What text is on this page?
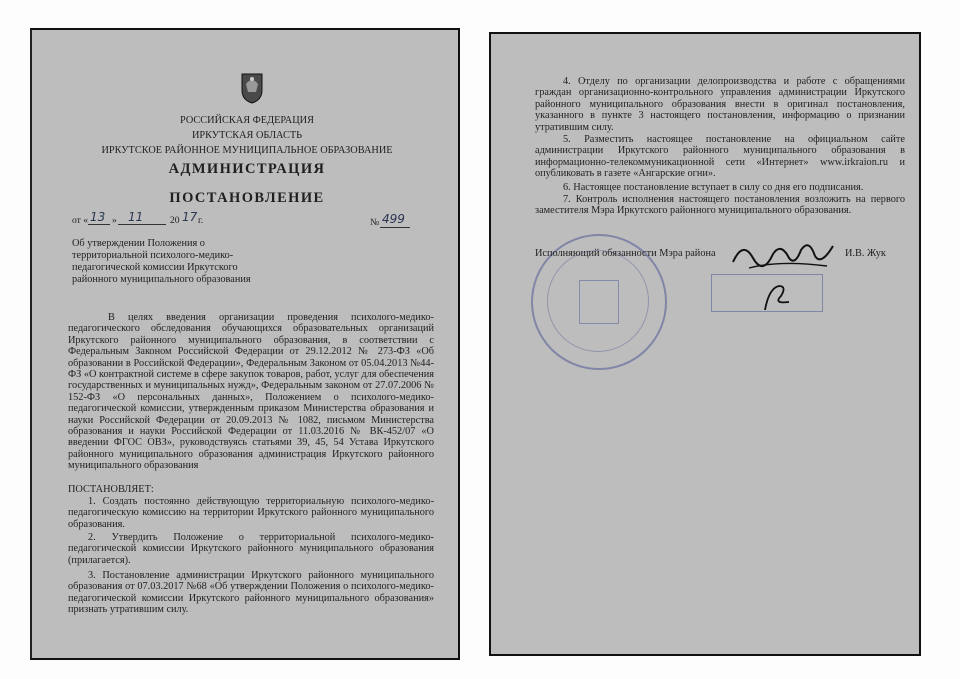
РОССИЙСКАЯ ФЕДЕРАЦИЯ
ИРКУТСКАЯ ОБЛАСТЬ
ИРКУТСКОЕ РАЙОННОЕ МУНИЦИПАЛЬНОЕ ОБРАЗОВАНИЕ
АДМИНИСТРАЦИЯ
ПОСТАНОВЛЕНИЕ
от « 13 » 11	20 17 г.	№ 499
Об утверждении Положения о
территориальной психолого-медико-
педагогической комиссии Иркутского
районного муниципального образования
В целях введения организации проведения психолого-медико-педагогического обследования обучающихся образовательных организаций Иркутского районного муниципального образования, в соответствии с Федеральным Законом Российской Федерации от 29.12.2012 № 273-ФЗ «Об образовании в Российской Федерации», Федеральным Законом от 05.04.2013 №44-ФЗ «О контрактной системе в сфере закупок товаров, работ, услуг для обеспечения государственных и муниципальных нужд», Федеральным законом от 27.07.2006 № 152-ФЗ «О персональных данных», Положением о психолого-медико-педагогической комиссии, утвержденным приказом Министерства образования и науки Российской Федерации от 20.09.2013 № 1082, письмом Министерства образования и науки Российской Федерации от 11.03.2016 № ВК-452/07 «О введении ФГОС ОВЗ», руководствуясь статьями 39, 45, 54 Устава Иркутского районного муниципального образования администрация Иркутского районного муниципального образования
ПОСТАНОВЛЯЕТ:
1. Создать постоянно действующую территориальную психолого-медико-педагогическую комиссию на территории Иркутского районного муниципального образования.
2. Утвердить Положение о территориальной психолого-медико-педагогической комиссии Иркутского районного муниципального образования (прилагается).
3. Постановление администрации Иркутского районного муниципального образования от 07.03.2017 №68 «Об утверждении Положения о психолого-медико-педагогической комиссии Иркутского районного муниципального образования» признать утратившим силу.
4. Отделу по организации делопроизводства и работе с обращениями граждан организационно-контрольного управления администрации Иркутского районного муниципального образования внести в оригинал постановления, указанного в пункте 3 настоящего постановления, информацию о признании утратившим силу.
5. Разместить настоящее постановление на официальном сайте администрации Иркутского районного муниципального образования в информационно-телекоммуникационной сети «Интернет» www.irkraion.ru и опубликовать в газете «Ангарские огни».
6. Настоящее постановление вступает в силу со дня его подписания.
7. Контроль исполнения настоящего постановления возложить на первого заместителя Мэра Иркутского районного муниципального образования.
Исполняющий обязанности Мэра района	И.В. Жук
